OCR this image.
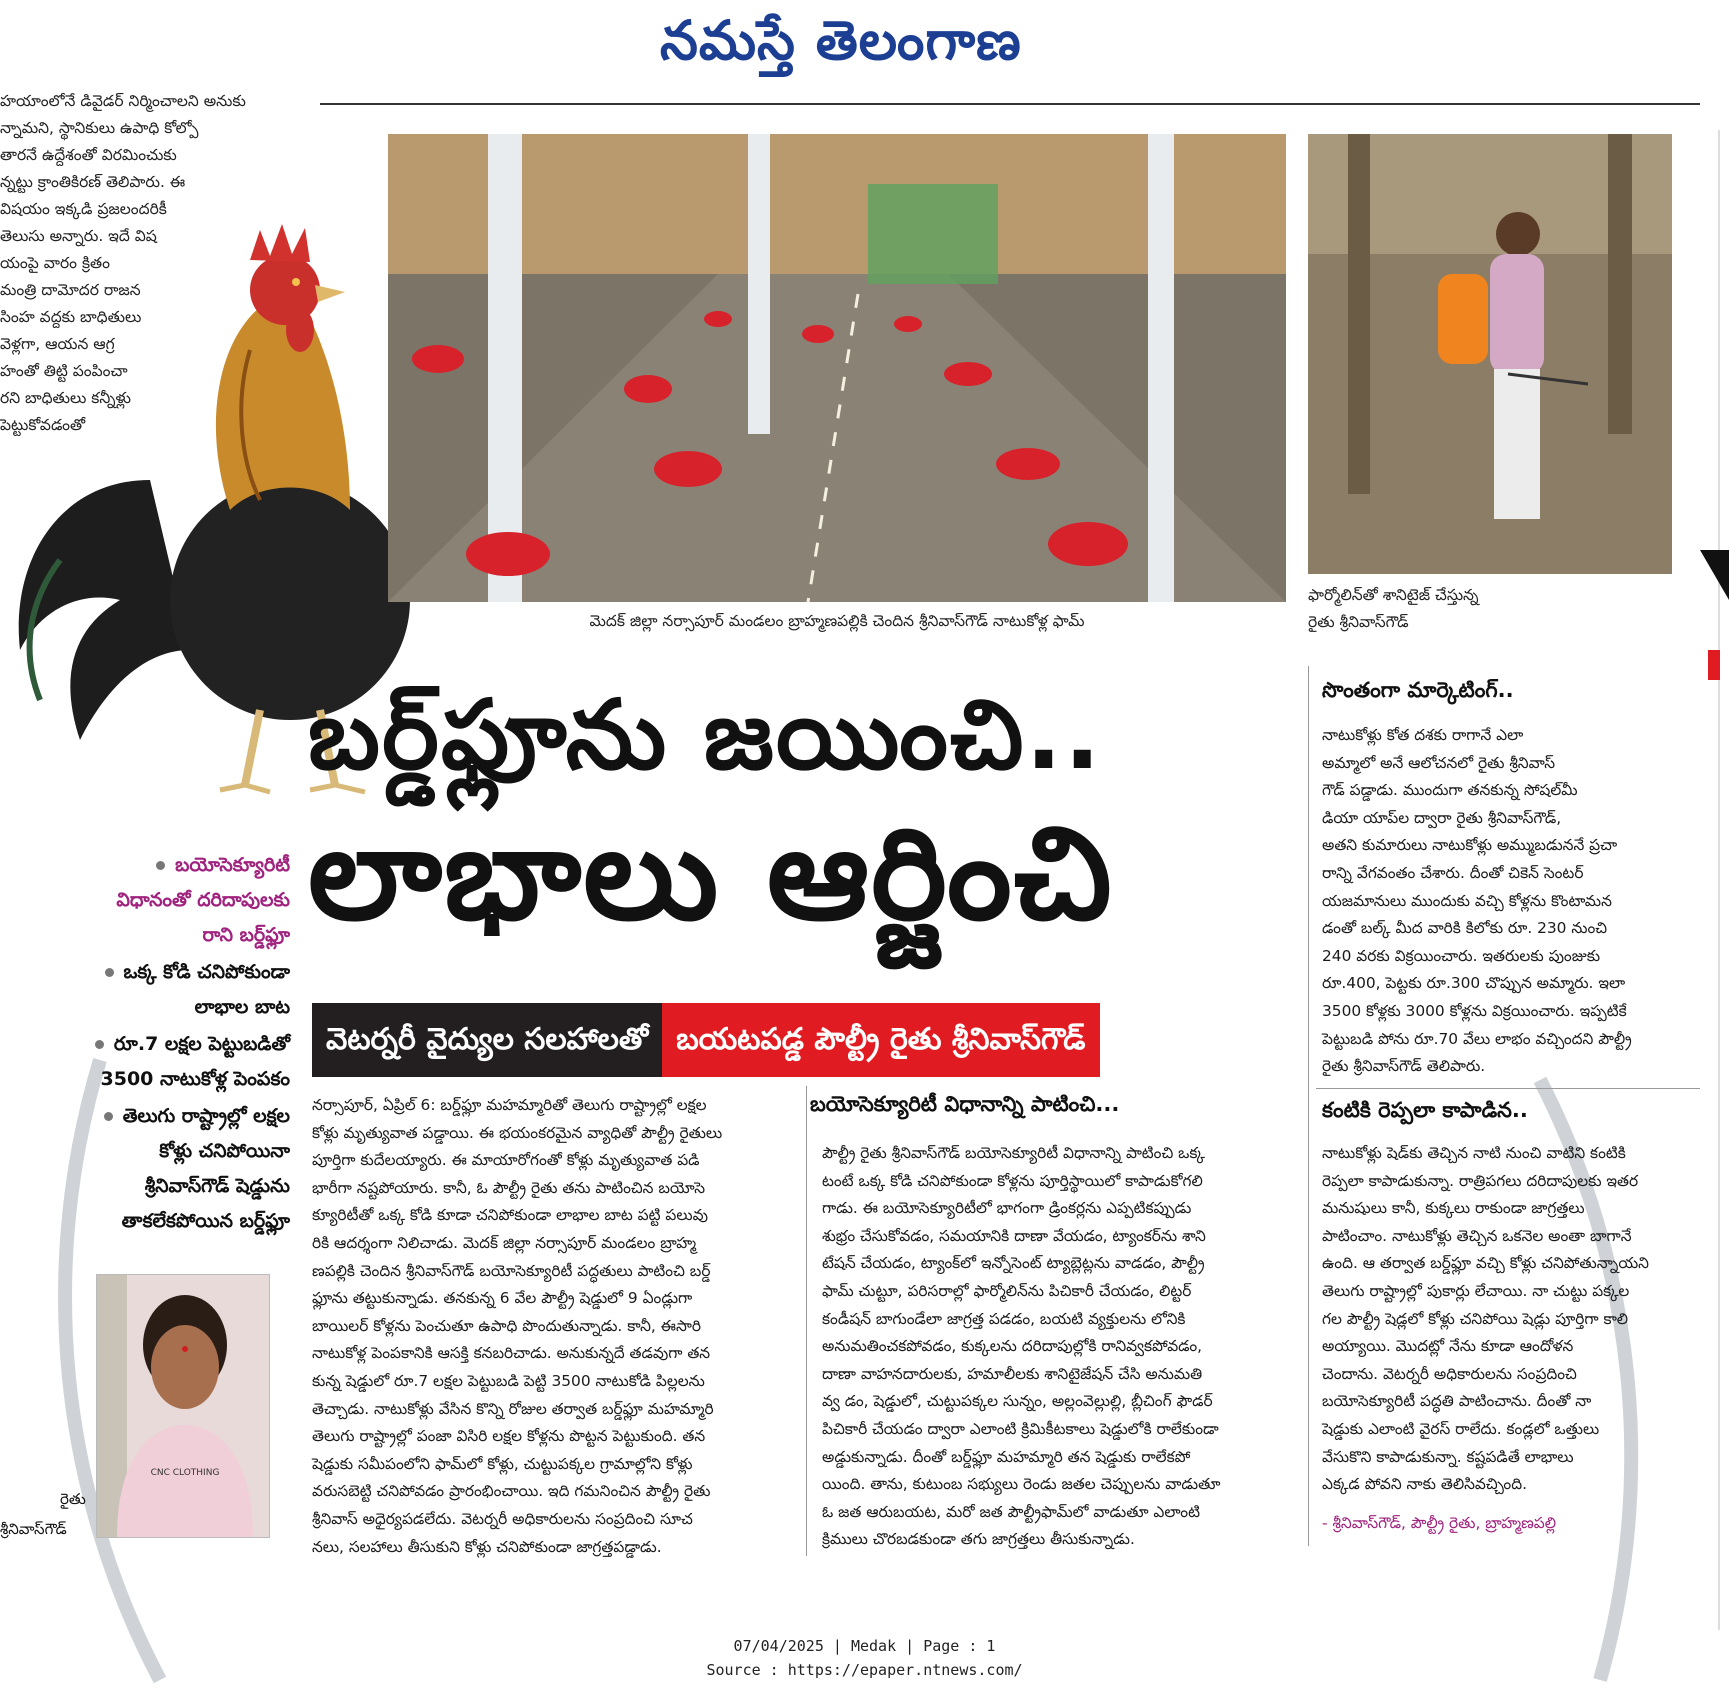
నమస్తే తెలంగాణ

హయాంలోనే డివైడర్ నిర్మించాలని అనుకు

న్నామని, స్థానికులు ఉపాధి కోల్పో

తారనే ఉద్దేశంతో విరమించుకు

న్నట్టు క్రాంతికిరణ్ తెలిపారు. ఈ

విషయం ఇక్కడి ప్రజలందరికీ

తెలుసు అన్నారు. ఇదే విష

యంపై వారం క్రితం

మంత్రి దామోదర రాజన

సింహ వద్దకు బాధితులు

వెళ్లగా, ఆయన ఆగ్ర

హంతో తిట్టి పంపించా

రని బాధితులు కన్నీళ్లు

పెట్టుకోవడంతో

మెదక్ జిల్లా నర్సాపూర్ మండలం బ్రాహ్మణపల్లికి చెందిన శ్రీనివాస్‌గౌడ్ నాటుకోళ్ల ఫామ్
ఫార్మోలిన్‌తో శానిటైజ్ చేస్తున్న
రైతు శ్రీనివాస్‌గౌడ్
బర్డ్‌ఫ్లూను జయించి..
లాభాలు ఆర్జించి
వెటర్నరీ వైద్యుల సలహాలతో బయటపడ్డ పౌల్ట్రీ రైతు శ్రీనివాస్‌గౌడ్
బయోసెక్యూరిటీ
విధానంతో దరిదాపులకు
రాని బర్డ్‌ఫ్లూ
ఒక్క కోడి చనిపోకుండా
లాభాల బాట
రూ.7 లక్షల పెట్టుబడితో
3500 నాటుకోళ్ల పెంపకం
తెలుగు రాష్ట్రాల్లో లక్షల
కోళ్లు చనిపోయినా
శ్రీనివాస్‌గౌడ్ షెడ్డును
తాకలేకపోయిన బర్డ్‌ఫ్లూ
CNC CLOTHING
రైతు
శ్రీనివాస్‌గౌడ్

నర్సాపూర్, ఏప్రిల్ 6: బర్డ్‌ఫ్లూ మహమ్మారితో తెలుగు రాష్ట్రాల్లో లక్షల

కోళ్లు మృత్యువాత పడ్డాయి. ఈ భయంకరమైన వ్యాధితో పౌల్ట్రీ రైతులు

పూర్తిగా కుదేలయ్యారు. ఈ మాయారోగంతో కోళ్లు మృత్యువాత పడి

భారీగా నష్టపోయారు. కానీ, ఓ పౌల్ట్రీ రైతు తను పాటించిన బయోసె

క్యూరిటీతో ఒక్క కోడి కూడా చనిపోకుండా లాభాల బాట పట్టి పలువు

రికి ఆదర్శంగా నిలిచాడు. మెదక్ జిల్లా నర్సాపూర్ మండలం బ్రాహ్మ

ణపల్లికి చెందిన శ్రీనివాస్‌గౌడ్ బయోసెక్యూరిటీ పద్ధతులు పాటించి బర్డ్

ఫ్లూను తట్టుకున్నాడు. తనకున్న 6 వేల పౌల్ట్రీ షెడ్డులో 9 ఏండ్లుగా

బాయిలర్ కోళ్లను పెంచుతూ ఉపాధి పొందుతున్నాడు. కానీ, ఈసారి

నాటుకోళ్ల పెంపకానికి ఆసక్తి కనబరిచాడు. అనుకున్నదే తడవుగా తన

కున్న షెడ్డులో రూ.7 లక్షల పెట్టుబడి పెట్టి 3500 నాటుకోడి పిల్లలను

తెచ్చాడు. నాటుకోళ్లు వేసిన కొన్ని రోజుల తర్వాత బర్డ్‌ఫ్లూ మహమ్మారి

తెలుగు రాష్ట్రాల్లో పంజా విసిరి లక్షల కోళ్లను పొట్టన పెట్టుకుంది. తన

షెడ్డుకు సమీపంలోని ఫామ్‌లో కోళ్లు, చుట్టుపక్కల గ్రామాల్లోని కోళ్లు

వరుసబెట్టి చనిపోవడం ప్రారంభించాయి. ఇది గమనించిన పౌల్ట్రీ రైతు

శ్రీనివాస్ అధైర్యపడలేదు. వెటర్నరీ అధికారులను సంప్రదించి సూచ

నలు, సలహాలు తీసుకుని కోళ్లు చనిపోకుండా జాగ్రత్తపడ్డాడు.

బయోసెక్యూరిటీ విధానాన్ని పాటించి...

పౌల్ట్రీ రైతు శ్రీనివాస్‌గౌడ్ బయోసెక్యూరిటీ విధానాన్ని పాటించి ఒక్క

టంటే ఒక్క కోడి చనిపోకుండా కోళ్లను పూర్తిస్థాయిలో కాపాడుకోగలి

గాడు. ఈ బయోసెక్యూరిటీలో భాగంగా డ్రింకర్లను ఎప్పటికప్పుడు

శుభ్రం చేసుకోవడం, సమయానికి దాణా వేయడం, ట్యాంకర్‌ను శాని

టేషన్ చేయడం, ట్యాంక్‌లో ఇన్నోసెంట్ ట్యాబ్లెట్లను వాడడం, పౌల్ట్రీ

ఫామ్ చుట్టూ, పరిసరాల్లో ఫార్మోలిన్‌ను పిచికారీ చేయడం, లిట్టర్

కండీషన్ బాగుండేలా జాగ్రత్త పడడం, బయటి వ్యక్తులను లోనికి

అనుమతించకపోవడం, కుక్కలను దరిదాపుల్లోకి రానివ్వకపోవడం,

దాణా వాహనదారులకు, హమాలీలకు శానిటైజేషన్ చేసి అనుమతి

వ్వ డం, షెడ్డులో, చుట్టుపక్కల సున్నం, అల్లంవెల్లుల్లి, బ్లీచింగ్ ఫౌడర్

పిచికారీ చేయడం ద్వారా ఎలాంటి క్రిమికీటకాలు షెడ్డులోకి రాలేకుండా

అడ్డుకున్నాడు. దీంతో బర్డ్‌ఫ్లూ మహమ్మారి తన షెడ్డుకు రాలేకపో

యింది. తాను, కుటుంబ సభ్యులు రెండు జతల చెప్పులను వాడుతూ

ఓ జత ఆరుబయట, మరో జత పౌల్ట్రీఫామ్‌లో వాడుతూ ఎలాంటి

క్రిములు చొరబడకుండా తగు జాగ్రత్తలు తీసుకున్నాడు.

సొంతంగా మార్కెటింగ్..

నాటుకోళ్లు కోత దశకు రాగానే ఎలా

అమ్మాలో అనే ఆలోచనలో రైతు శ్రీనివాస్

గౌడ్ పడ్డాడు. ముందుగా తనకున్న సోషల్‌మీ

డియా యాప్‌ల ద్వారా రైతు శ్రీనివాస్‌గౌడ్,

అతని కుమారులు నాటుకోళ్లు అమ్ముబడుననే ప్రచా

రాన్ని వేగవంతం చేశారు. దీంతో చికెన్ సెంటర్

యజమానులు ముందుకు వచ్చి కోళ్లను కొంటామన

డంతో బల్క్ మీద వారికి కిలోకు రూ. 230 నుంచి

240 వరకు విక్రయించారు. ఇతరులకు పుంజుకు

రూ.400, పెట్టకు రూ.300 చొప్పున అమ్మారు. ఇలా

3500 కోళ్లకు 3000 కోళ్లను విక్రయించారు. ఇప్పటికే

పెట్టుబడి పోను రూ.70 వేలు లాభం వచ్చిందని పౌల్ట్రీ

రైతు శ్రీనివాస్‌గౌడ్ తెలిపారు.

కంటికి రెప్పలా కాపాడిన..

నాటుకోళ్లు షెడ్‌కు తెచ్చిన నాటి నుంచి వాటిని కంటికి

రెప్పలా కాపాడుకున్నా. రాత్రిపగలు దరిదాపులకు ఇతర

మనుషులు కానీ, కుక్కలు రాకుండా జాగ్రత్తలు

పాటించాం. నాటుకోళ్లు తెచ్చిన ఒకనెల అంతా బాగానే

ఉంది. ఆ తర్వాత బర్డ్‌ఫ్లూ వచ్చి కోళ్లు చనిపోతున్నాయని

తెలుగు రాష్ట్రాల్లో పుకార్లు లేచాయి. నా చుట్టు పక్కల

గల పౌల్ట్రీ షెడ్లలో కోళ్లు చనిపోయి షెడ్లు పూర్తిగా కాలి

అయ్యాయి. మొదట్లో నేను కూడా ఆందోళన

చెందాను. వెటర్నరీ అధికారులను సంప్రదించి

బయోసెక్యూరిటీ పద్ధతి పాటించాను. దీంతో నా

షెడ్డుకు ఎలాంటి వైరస్ రాలేదు. కండ్లలో ఒత్తులు

వేసుకొని కాపాడుకున్నా. కష్టపడితే లాభాలు

ఎక్కడ పోవని నాకు తెలిసివచ్చింది.

- శ్రీనివాస్‌గౌడ్, పౌల్ట్రీ రైతు, బ్రాహ్మణపల్లి
07/04/2025 | Medak | Page : 1
Source : https://epaper.ntnews.com/
